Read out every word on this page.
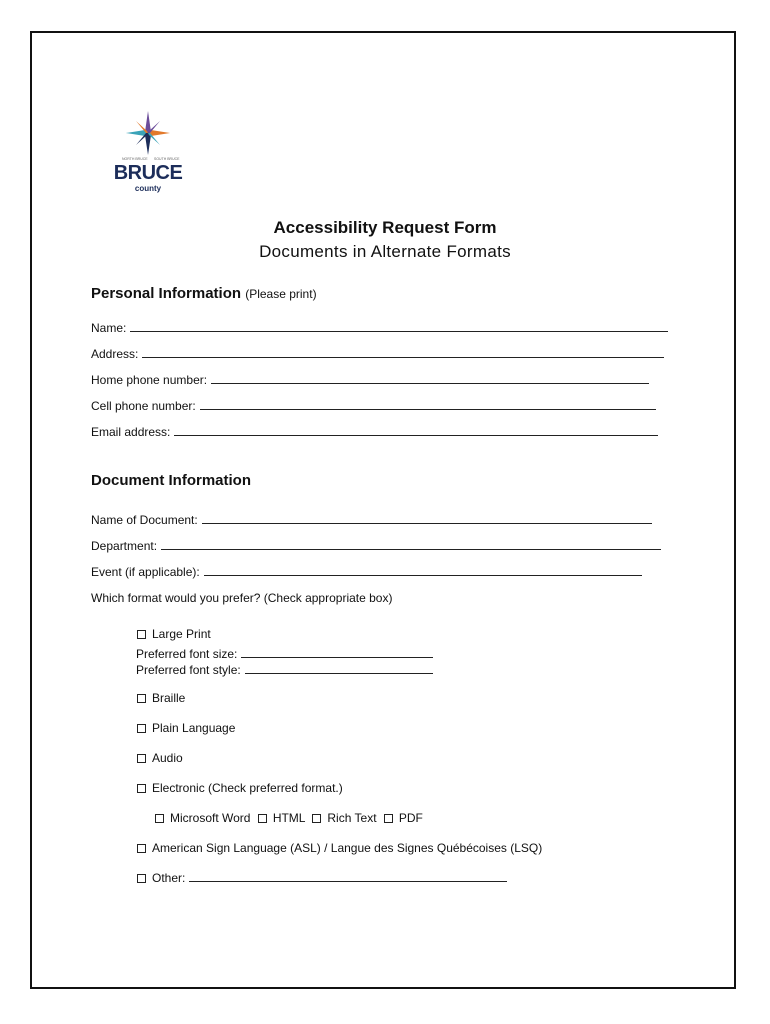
NORTH BRUCE SOUTH BRUCE
BRUCE
county
Accessibility Request Form
Documents in Alternate Formats
Personal Information (Please print)
Name:
Address:
Home phone number:
Cell phone number:
Email address:
Document Information
Name of Document:
Department:
Event (if applicable):
Which format would you prefer? (Check appropriate box)
Large Print
Preferred font size:
Preferred font style:
Braille
Plain Language
Audio
Electronic (Check preferred format.)
Microsoft Word HTML Rich Text PDF
American Sign Language (ASL) / Langue des Signes Québécoises (LSQ)
Other:
